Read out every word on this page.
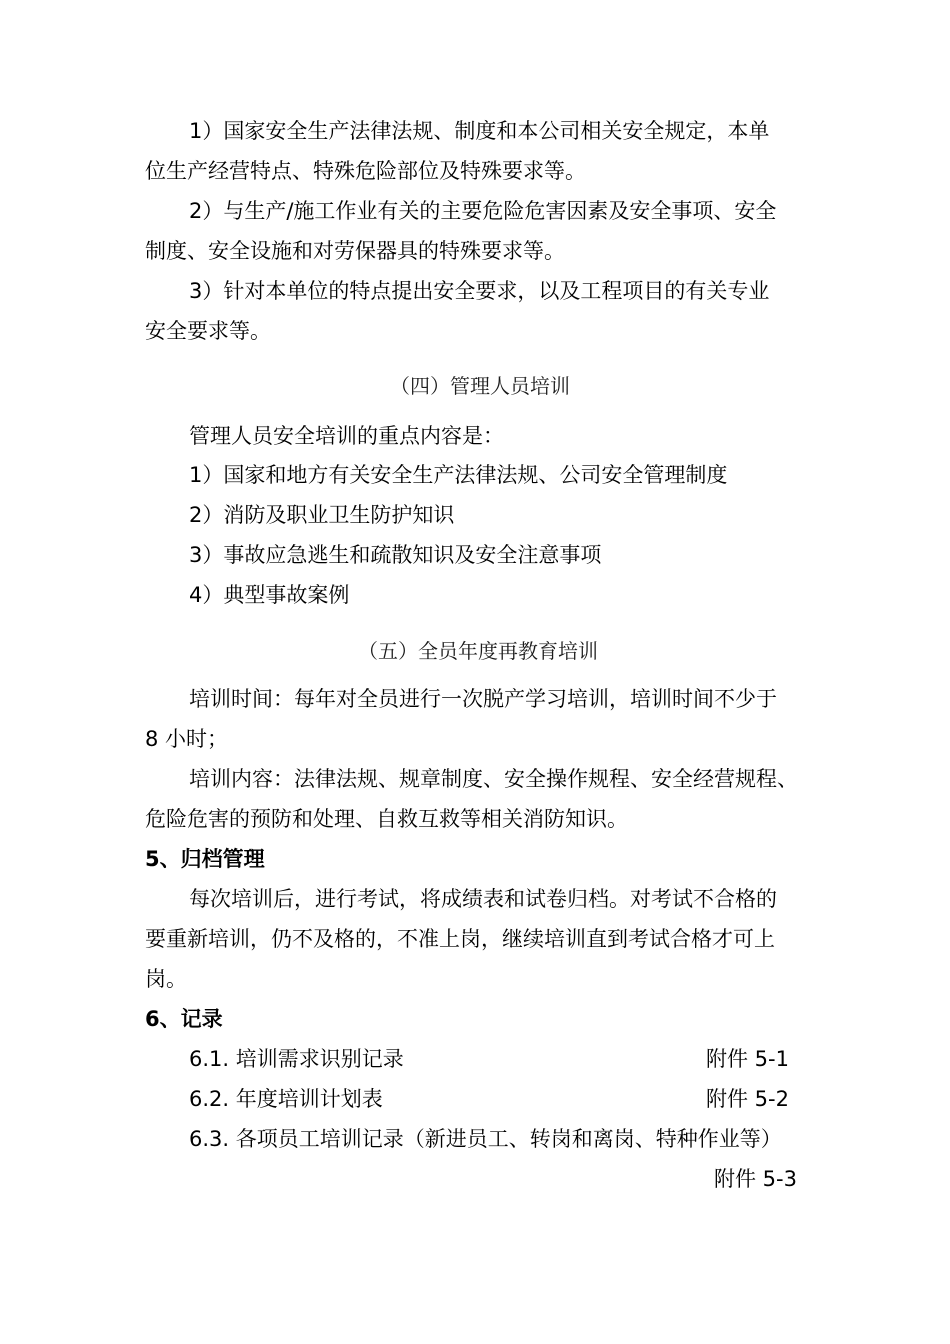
1）国家安全生产法律法规、制度和本公司相关安全规定，本单
位生产经营特点、特殊危险部位及特殊要求等。
2）与生产/施工作业有关的主要危险危害因素及安全事项、安全
制度、安全设施和对劳保器具的特殊要求等。
3）针对本单位的特点提出安全要求，以及工程项目的有关专业
安全要求等。
（四）管理人员培训
管理人员安全培训的重点内容是：
1）国家和地方有关安全生产法律法规、公司安全管理制度
2）消防及职业卫生防护知识
3）事故应急逃生和疏散知识及安全注意事项
4）典型事故案例
（五）全员年度再教育培训
培训时间：每年对全员进行一次脱产学习培训，培训时间不少于
8 小时；
培训内容：法律法规、规章制度、安全操作规程、安全经营规程、
危险危害的预防和处理、自救互救等相关消防知识。
5、归档管理
每次培训后，进行考试，将成绩表和试卷归档。对考试不合格的
要重新培训，仍不及格的，不准上岗，继续培训直到考试合格才可上
岗。
6、记录
6.1. 培训需求识别记录	附件 5-1
6.2. 年度培训计划表	附件 5-2
6.3. 各项员工培训记录（新进员工、转岗和离岗、特种作业等）
附件 5-3
